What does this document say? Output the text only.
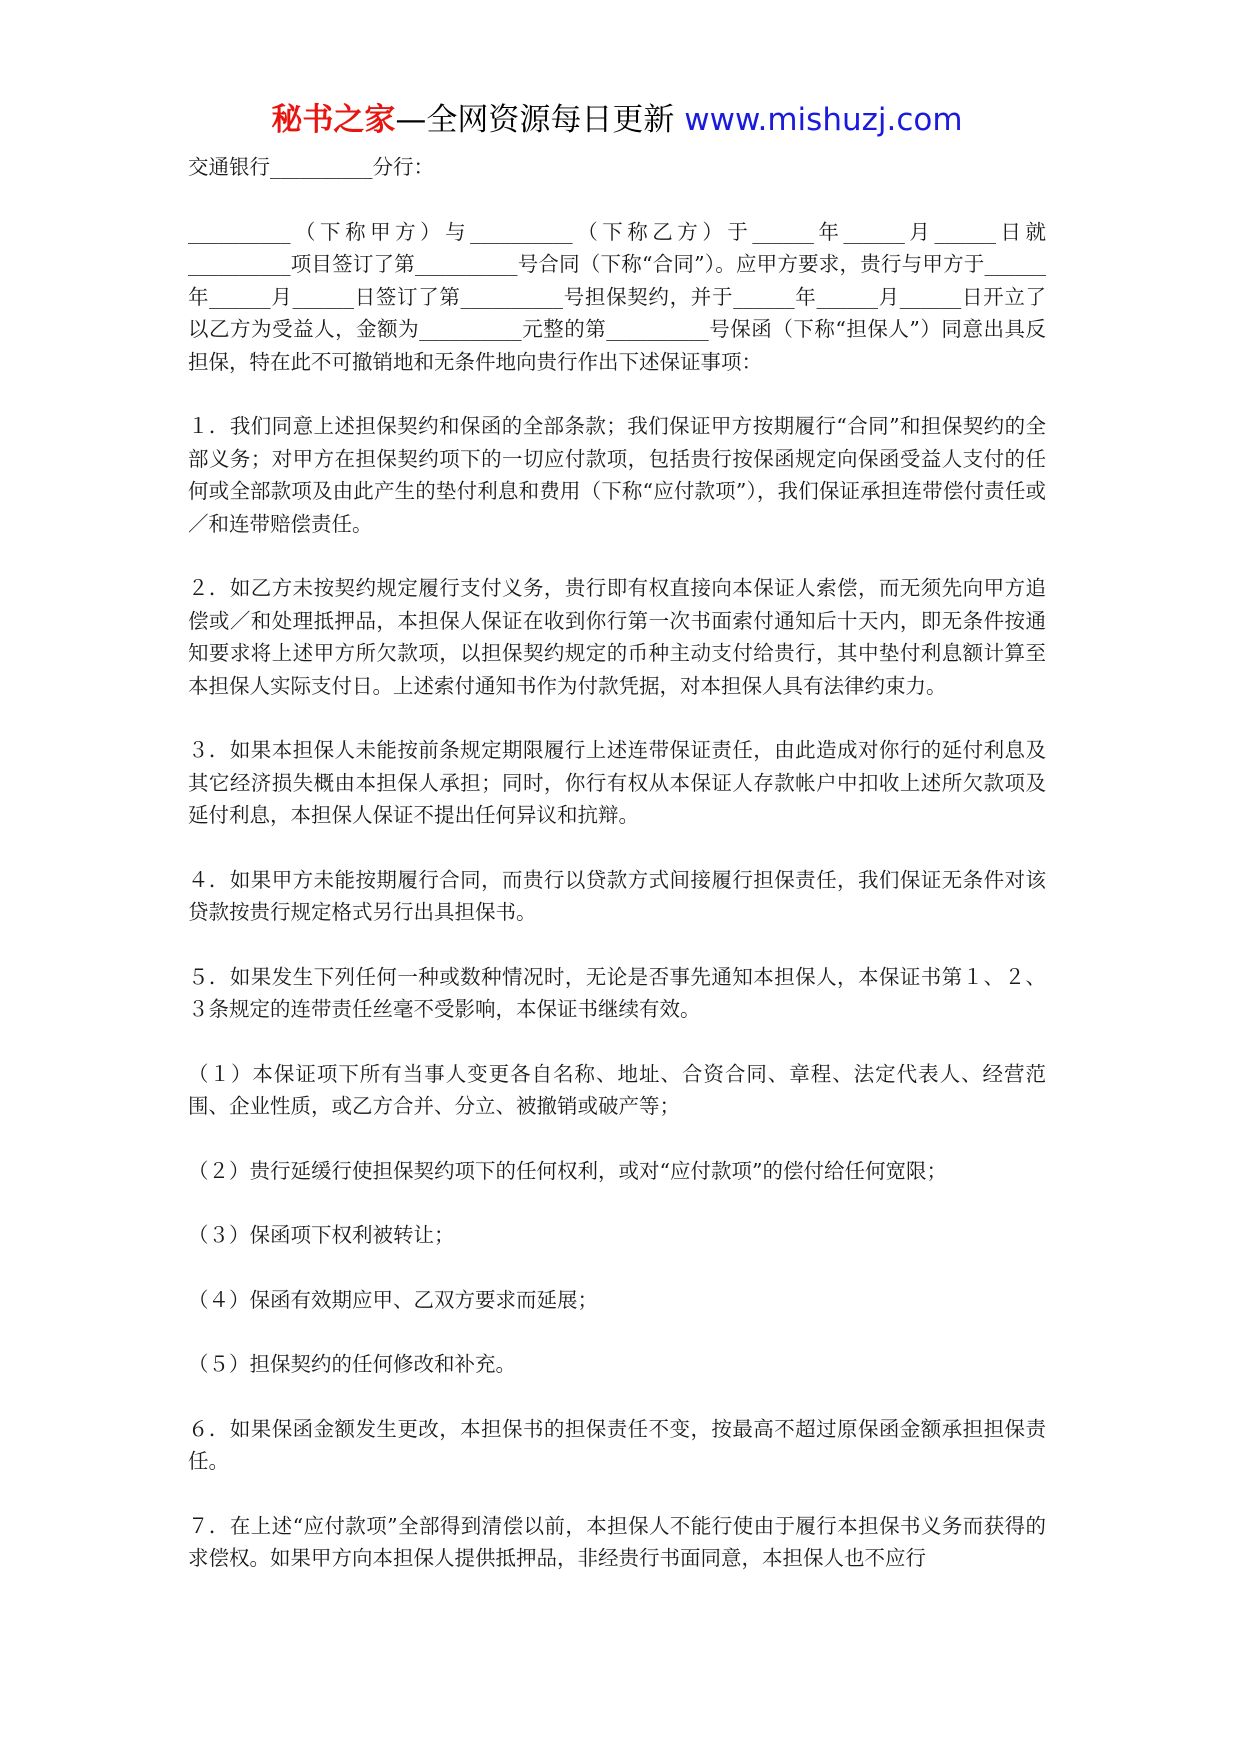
秘书之家—全网资源每日更新 www.mishuzj.com

交通银行__________分行：

__________（下称甲方）与__________（下称乙方）于______年______月______日就__________项目签订了第__________号合同（下称“合同”）。应甲方要求，贵行与甲方于______年______月______日签订了第__________号担保契约，并于______年______月______日开立了以乙方为受益人，金额为__________元整的第__________号保函（下称“担保人”）同意出具反担保，特在此不可撤销地和无条件地向贵行作出下述保证事项：

１．我们同意上述担保契约和保函的全部条款；我们保证甲方按期履行“合同”和担保契约的全部义务；对甲方在担保契约项下的一切应付款项，包括贵行按保函规定向保函受益人支付的任何或全部款项及由此产生的垫付利息和费用（下称“应付款项”），我们保证承担连带偿付责任或／和连带赔偿责任。

２．如乙方未按契约规定履行支付义务，贵行即有权直接向本保证人索偿，而无须先向甲方追偿或／和处理抵押品，本担保人保证在收到你行第一次书面索付通知后十天内，即无条件按通知要求将上述甲方所欠款项，以担保契约规定的币种主动支付给贵行，其中垫付利息额计算至本担保人实际支付日。上述索付通知书作为付款凭据，对本担保人具有法律约束力。

３．如果本担保人未能按前条规定期限履行上述连带保证责任，由此造成对你行的延付利息及其它经济损失概由本担保人承担；同时，你行有权从本保证人存款帐户中扣收上述所欠款项及延付利息，本担保人保证不提出任何异议和抗辩。

４．如果甲方未能按期履行合同，而贵行以贷款方式间接履行担保责任，我们保证无条件对该贷款按贵行规定格式另行出具担保书。

５．如果发生下列任何一种或数种情况时，无论是否事先通知本担保人，本保证书第１、２、３条规定的连带责任丝毫不受影响，本保证书继续有效。

（１）本保证项下所有当事人变更各自名称、地址、合资合同、章程、法定代表人、经营范围、企业性质，或乙方合并、分立、被撤销或破产等；

（２）贵行延缓行使担保契约项下的任何权利，或对“应付款项”的偿付给任何宽限；

（３）保函项下权利被转让；

（４）保函有效期应甲、乙双方要求而延展；

（５）担保契约的任何修改和补充。

６．如果保函金额发生更改，本担保书的担保责任不变，按最高不超过原保函金额承担担保责任。

７．在上述“应付款项”全部得到清偿以前，本担保人不能行使由于履行本担保书义务而获得的求偿权。如果甲方向本担保人提供抵押品，非经贵行书面同意，本担保人也不应行
